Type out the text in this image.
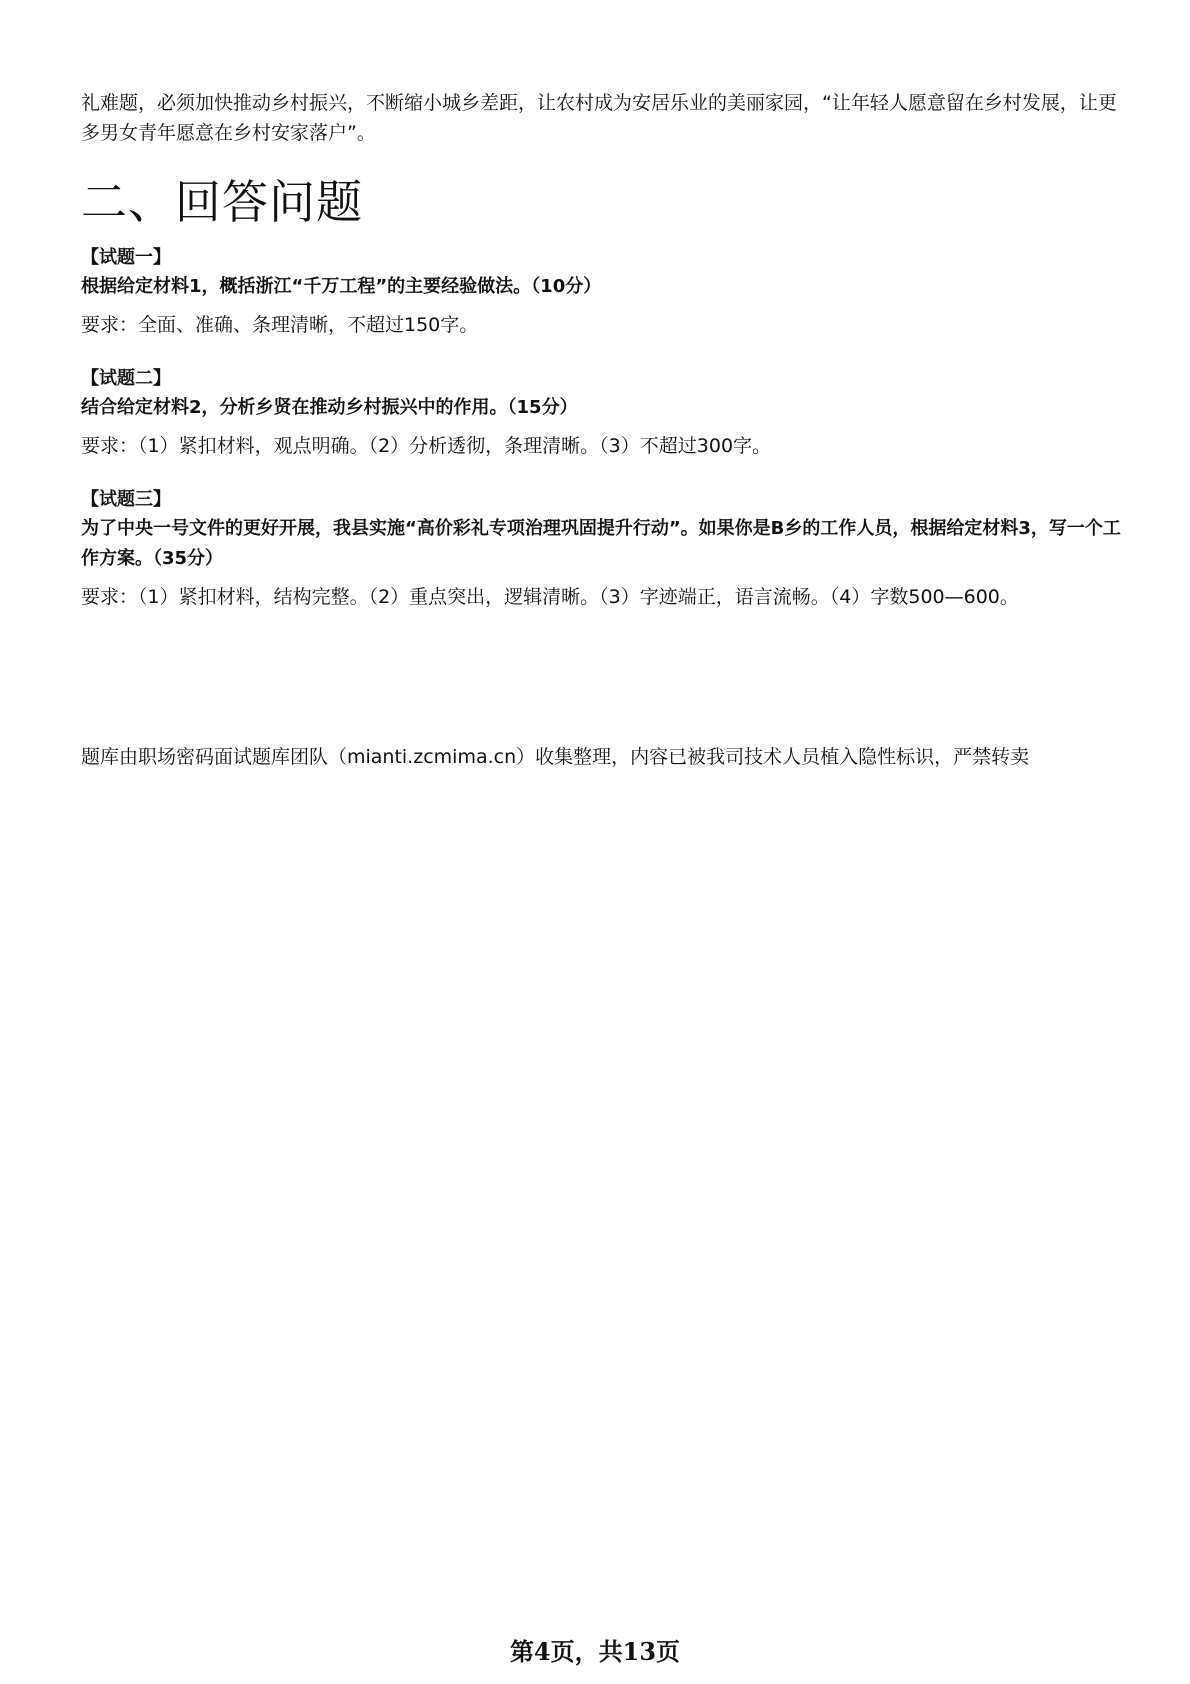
礼难题，必须加快推动乡村振兴，不断缩小城乡差距，让农村成为安居乐业的美丽家园，“让年轻人愿意留在乡村发展，让更多男女青年愿意在乡村安家落户”。

二、回答问题

【试题一】

根据给定材料1，概括浙江“千万工程”的主要经验做法。（10分）

要求：全面、准确、条理清晰，不超过150字。

【试题二】

结合给定材料2，分析乡贤在推动乡村振兴中的作用。（15分）

要求：（1）紧扣材料，观点明确。（2）分析透彻，条理清晰。（3）不超过300字。

【试题三】

为了中央一号文件的更好开展，我县实施“高价彩礼专项治理巩固提升行动”。如果你是B乡的工作人员，根据给定材料3，写一个工作方案。（35分）

要求：（1）紧扣材料，结构完整。（2）重点突出，逻辑清晰。（3）字迹端正，语言流畅。（4）字数500—600。

题库由职场密码面试题库团队（mianti.zcmima.cn）收集整理，内容已被我司技术人员植入隐性标识，严禁转卖

第4页，共13页
